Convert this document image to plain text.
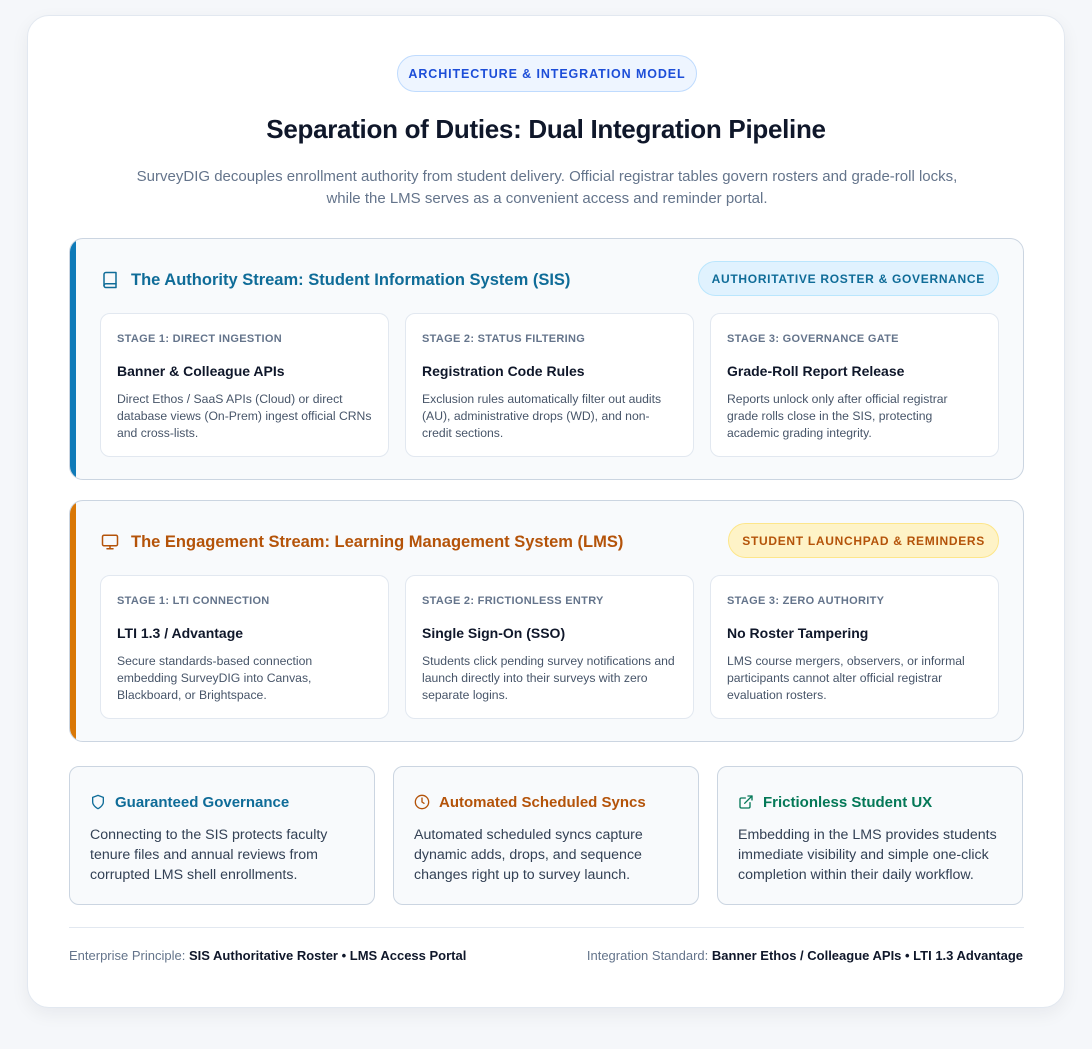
ARCHITECTURE & INTEGRATION MODEL
Separation of Duties: Dual Integration Pipeline
SurveyDIG decouples enrollment authority from student delivery. Official registrar tables govern rosters and grade-roll locks,
while the LMS serves as a convenient access and reminder portal.
The Authority Stream: Student Information System (SIS)	AUTHORITATIVE ROSTER & GOVERNANCE
STAGE 1: DIRECT INGESTION
Banner & Colleague APIs
Direct Ethos / SaaS APIs (Cloud) or direct database views (On-Prem) ingest official CRNs and cross-lists.
STAGE 2: STATUS FILTERING
Registration Code Rules
Exclusion rules automatically filter out audits (AU), administrative drops (WD), and non-credit sections.
STAGE 3: GOVERNANCE GATE
Grade-Roll Report Release
Reports unlock only after official registrar grade rolls close in the SIS, protecting academic grading integrity.
The Engagement Stream: Learning Management System (LMS)	STUDENT LAUNCHPAD & REMINDERS
STAGE 1: LTI CONNECTION
LTI 1.3 / Advantage
Secure standards-based connection embedding SurveyDIG into Canvas, Blackboard, or Brightspace.
STAGE 2: FRICTIONLESS ENTRY
Single Sign-On (SSO)
Students click pending survey notifications and launch directly into their surveys with zero separate logins.
STAGE 3: ZERO AUTHORITY
No Roster Tampering
LMS course mergers, observers, or informal participants cannot alter official registrar evaluation rosters.
Guaranteed Governance
Connecting to the SIS protects faculty tenure files and annual reviews from corrupted LMS shell enrollments.
Automated Scheduled Syncs
Automated scheduled syncs capture dynamic adds, drops, and sequence changes right up to survey launch.
Frictionless Student UX
Embedding in the LMS provides students immediate visibility and simple one-click completion within their daily workflow.
Enterprise Principle: SIS Authoritative Roster • LMS Access Portal	Integration Standard: Banner Ethos / Colleague APIs • LTI 1.3 Advantage
